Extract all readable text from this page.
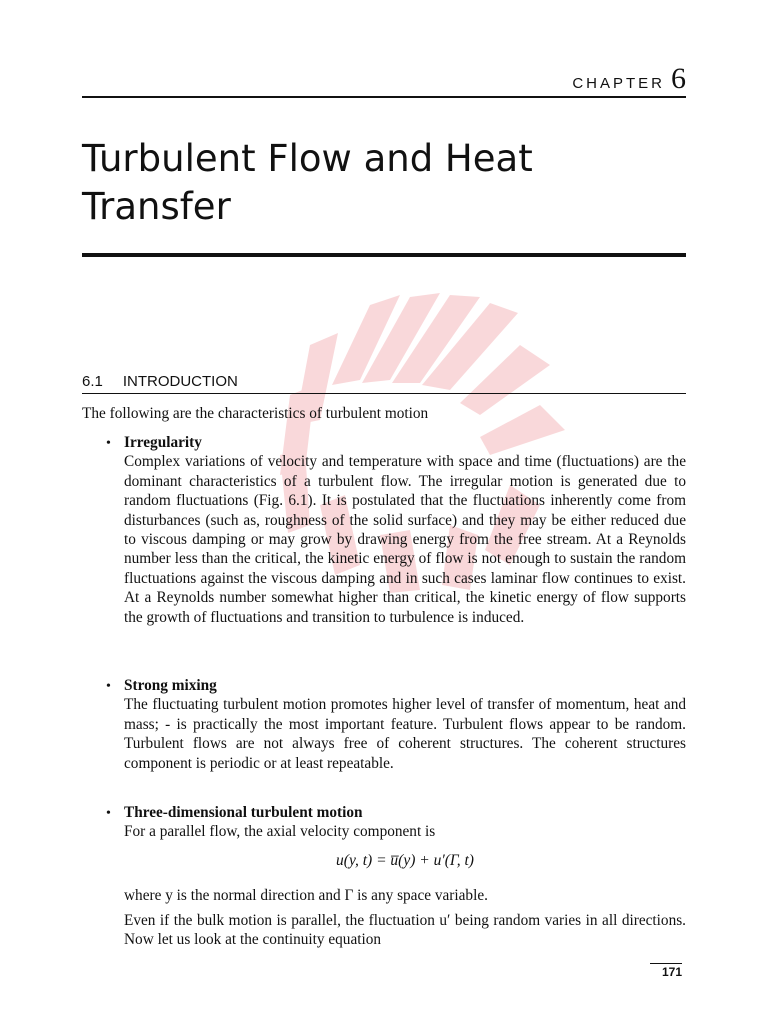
CHAPTER 6
Turbulent Flow and Heat
Transfer
6.1 INTRODUCTION
The following are the characteristics of turbulent motion
• Irregularity

Complex variations of velocity and temperature with space and time (fluctuations) are the dominant characteristics of a turbulent flow. The irregular motion is generated due to random fluctuations (Fig. 6.1). It is postulated that the fluctuations inherently come from disturbances (such as, roughness of the solid surface) and they may be either reduced due to viscous damping or may grow by drawing energy from the free stream. At a Reynolds number less than the critical, the kinetic energy of flow is not enough to sustain the random fluctuations against the viscous damping and in such cases laminar flow continues to exist. At a Reynolds number somewhat higher than critical, the kinetic energy of flow supports the growth of fluctuations and transition to turbulence is induced.

• Strong mixing

The fluctuating turbulent motion promotes higher level of transfer of momentum, heat and mass; - is practically the most important feature. Turbulent flows appear to be random. Turbulent flows are not always free of coherent structures. The coherent structures component is periodic or at least repeatable.

• Three-dimensional turbulent motion

For a parallel flow, the axial velocity component is

u(y, t) = u̅(y) + u′(Γ, t)
where y is the normal direction and Γ is any space variable.
Even if the bulk motion is parallel, the fluctuation u′ being random varies in all directions. Now let us look at the continuity equation
171
